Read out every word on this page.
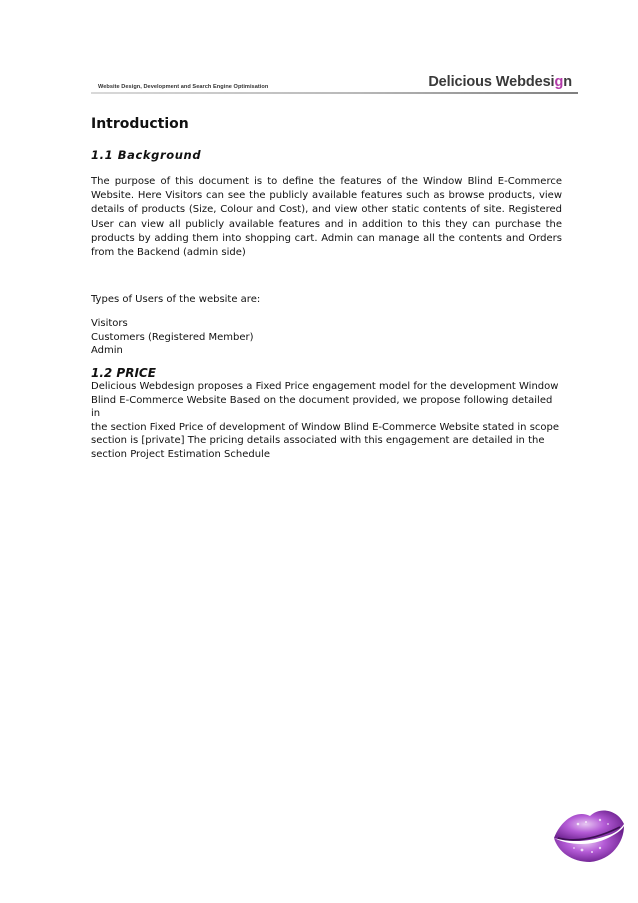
Website Design, Development and Search Engine Optimisation	Delicious Webdesign
Introduction
1.1 Background

The purpose of this document is to define the features of the Window Blind E-Commerce Website. Here Visitors can see the publicly available features such as browse products, view details of products (Size, Colour and Cost), and view other static contents of site. Registered User can view all publicly available features and in addition to this they can purchase the products by adding them into shopping cart. Admin can manage all the contents and Orders from the Backend (admin side)

Types of Users of the website are:

Visitors
Customers (Registered Member)
Admin
1.2 PRICE
Delicious Webdesign proposes a Fixed Price engagement model for the development Window
Blind E-Commerce Website Based on the document provided, we propose following detailed in
the section Fixed Price of development of Window Blind E-Commerce Website stated in scope
section is [private] The pricing details associated with this engagement are detailed in the
section Project Estimation Schedule
